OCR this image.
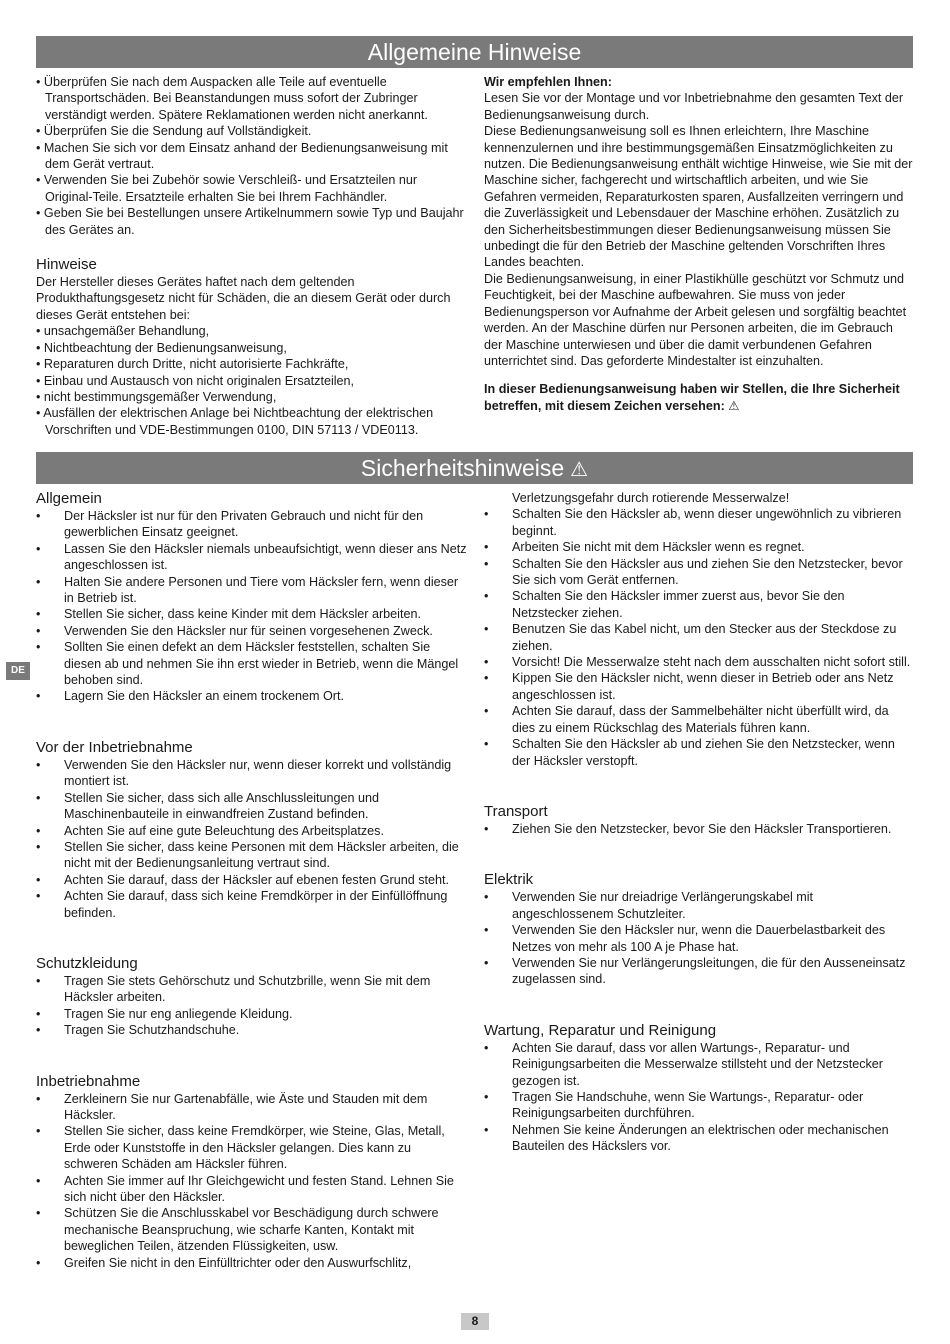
Allgemeine Hinweise

• Überprüfen Sie nach dem Auspacken alle Teile auf eventuelle Transportschäden. Bei Beanstandungen muss sofort der Zubringer verständigt werden. Spätere Reklamationen werden nicht anerkannt.

• Überprüfen Sie die Sendung auf Vollständigkeit.

• Machen Sie sich vor dem Einsatz anhand der Bedienungsanweisung mit dem Gerät vertraut.

• Verwenden Sie bei Zubehör sowie Verschleiß- und Ersatzteilen nur Original-Teile. Ersatzteile erhalten Sie bei Ihrem Fachhändler.

• Geben Sie bei Bestellungen unsere Artikelnummern sowie Typ und Baujahr des Gerätes an.

Hinweise

Der Hersteller dieses Gerätes haftet nach dem geltenden Produkthaftungsgesetz nicht für Schäden, die an diesem Gerät oder durch dieses Gerät entstehen bei:

• unsachgemäßer Behandlung,

• Nichtbeachtung der Bedienungsanweisung,

• Reparaturen durch Dritte, nicht autorisierte Fachkräfte,

• Einbau und Austausch von nicht originalen Ersatzteilen,

• nicht bestimmungsgemäßer Verwendung,

• Ausfällen der elektrischen Anlage bei Nichtbeachtung der elektrischen Vorschriften und VDE-Bestimmungen 0100, DIN 57113 / VDE0113.

Wir empfehlen Ihnen:

Lesen Sie vor der Montage und vor Inbetriebnahme den gesamten Text der Bedienungsanweisung durch.

Diese Bedienungsanweisung soll es Ihnen erleichtern, Ihre Maschine kennenzulernen und ihre bestimmungsgemäßen Einsatzmöglichkeiten zu nutzen. Die Bedienungsanweisung enthält wichtige Hinweise, wie Sie mit der Maschine sicher, fachgerecht und wirtschaftlich arbeiten, und wie Sie Gefahren vermeiden, Reparaturkosten sparen, Ausfallzeiten verringern und die Zuverlässigkeit und Lebensdauer der Maschine erhöhen. Zusätzlich zu den Sicherheitsbestimmungen dieser Bedienungsanweisung müssen Sie unbedingt die für den Betrieb der Maschine geltenden Vorschriften Ihres Landes beachten.

Die Bedienungsanweisung, in einer Plastikhülle geschützt vor Schmutz und Feuchtigkeit, bei der Maschine aufbewahren. Sie muss von jeder Bedienungsperson vor Aufnahme der Arbeit gelesen und sorgfältig beachtet werden. An der Maschine dürfen nur Personen arbeiten, die im Gebrauch der Maschine unterwiesen und über die damit verbundenen Gefahren unterrichtet sind. Das geforderte Mindestalter ist einzuhalten.

In dieser Bedienungsanweisung haben wir Stellen, die Ihre Sicherheit betreffen, mit diesem Zeichen versehen: ⚠

Sicherheitshinweise ⚠
DE

Allgemein

• Der Häcksler ist nur für den Privaten Gebrauch und nicht für den gewerblichen Einsatz geeignet.
• Lassen Sie den Häcksler niemals unbeaufsichtigt, wenn dieser ans Netz angeschlossen ist.
• Halten Sie andere Personen und Tiere vom Häcksler fern, wenn dieser in Betrieb ist.
• Stellen Sie sicher, dass keine Kinder mit dem Häcksler arbeiten.
• Verwenden Sie den Häcksler nur für seinen vorgesehenen Zweck.
• Sollten Sie einen defekt an dem Häcksler feststellen, schalten Sie diesen ab und nehmen Sie ihn erst wieder in Betrieb, wenn die Mängel behoben sind.
• Lagern Sie den Häcksler an einem trockenem Ort.

Vor der Inbetriebnahme

• Verwenden Sie den Häcksler nur, wenn dieser korrekt und vollständig montiert ist.
• Stellen Sie sicher, dass sich alle Anschlussleitungen und Maschinenbauteile in einwandfreien Zustand befinden.
• Achten Sie auf eine gute Beleuchtung des Arbeitsplatzes.
• Stellen Sie sicher, dass keine Personen mit dem Häcksler arbeiten, die nicht mit der Bedienungsanleitung vertraut sind.
• Achten Sie darauf, dass der Häcksler auf ebenen festen Grund steht.
• Achten Sie darauf, dass sich keine Fremdkörper in der Einfüllöffnung befinden.

Schutzkleidung

• Tragen Sie stets Gehörschutz und Schutzbrille, wenn Sie mit dem Häcksler arbeiten.
• Tragen Sie nur eng anliegende Kleidung.
• Tragen Sie Schutzhandschuhe.

Inbetriebnahme

• Zerkleinern Sie nur Gartenabfälle, wie Äste und Stauden mit dem Häcksler.
• Stellen Sie sicher, dass keine Fremdkörper, wie Steine, Glas, Metall, Erde oder Kunststoffe in den Häcksler gelangen. Dies kann zu schweren Schäden am Häcksler führen.
• Achten Sie immer auf Ihr Gleichgewicht und festen Stand. Lehnen Sie sich nicht über den Häcksler.
• Schützen Sie die Anschlusskabel vor Beschädigung durch schwere mechanische Beanspruchung, wie scharfe Kanten, Kontakt mit beweglichen Teilen, ätzenden Flüssigkeiten, usw.
• Greifen Sie nicht in den Einfülltrichter oder den Auswurfschlitz,

Verletzungsgefahr durch rotierende Messerwalze!

• Schalten Sie den Häcksler ab, wenn dieser ungewöhnlich zu vibrieren beginnt.
• Arbeiten Sie nicht mit dem Häcksler wenn es regnet.
• Schalten Sie den Häcksler aus und ziehen Sie den Netzstecker, bevor Sie sich vom Gerät entfernen.
• Schalten Sie den Häcksler immer zuerst aus, bevor Sie den Netzstecker ziehen.
• Benutzen Sie das Kabel nicht, um den Stecker aus der Steckdose zu ziehen.
• Vorsicht! Die Messerwalze steht nach dem ausschalten nicht sofort still.
• Kippen Sie den Häcksler nicht, wenn dieser in Betrieb oder ans Netz angeschlossen ist.
• Achten Sie darauf, dass der Sammelbehälter nicht überfüllt wird, da dies zu einem Rückschlag des Materials führen kann.
• Schalten Sie den Häcksler ab und ziehen Sie den Netzstecker, wenn der Häcksler verstopft.

Transport

• Ziehen Sie den Netzstecker, bevor Sie den Häcksler Transportieren.

Elektrik

• Verwenden Sie nur dreiadrige Verlängerungskabel mit angeschlossenem Schutzleiter.
• Verwenden Sie den Häcksler nur, wenn die Dauerbelastbarkeit des Netzes von mehr als 100 A je Phase hat.
• Verwenden Sie nur Verlängerungsleitungen, die für den Ausseneinsatz zugelassen sind.

Wartung, Reparatur und Reinigung

• Achten Sie darauf, dass vor allen Wartungs-, Reparatur- und Reinigungsarbeiten die Messerwalze stillsteht und der Netzstecker gezogen ist.
• Tragen Sie Handschuhe, wenn Sie Wartungs-, Reparatur- oder Reinigungsarbeiten durchführen.
• Nehmen Sie keine Änderungen an elektrischen oder mechanischen Bauteilen des Häckslers vor.
8
